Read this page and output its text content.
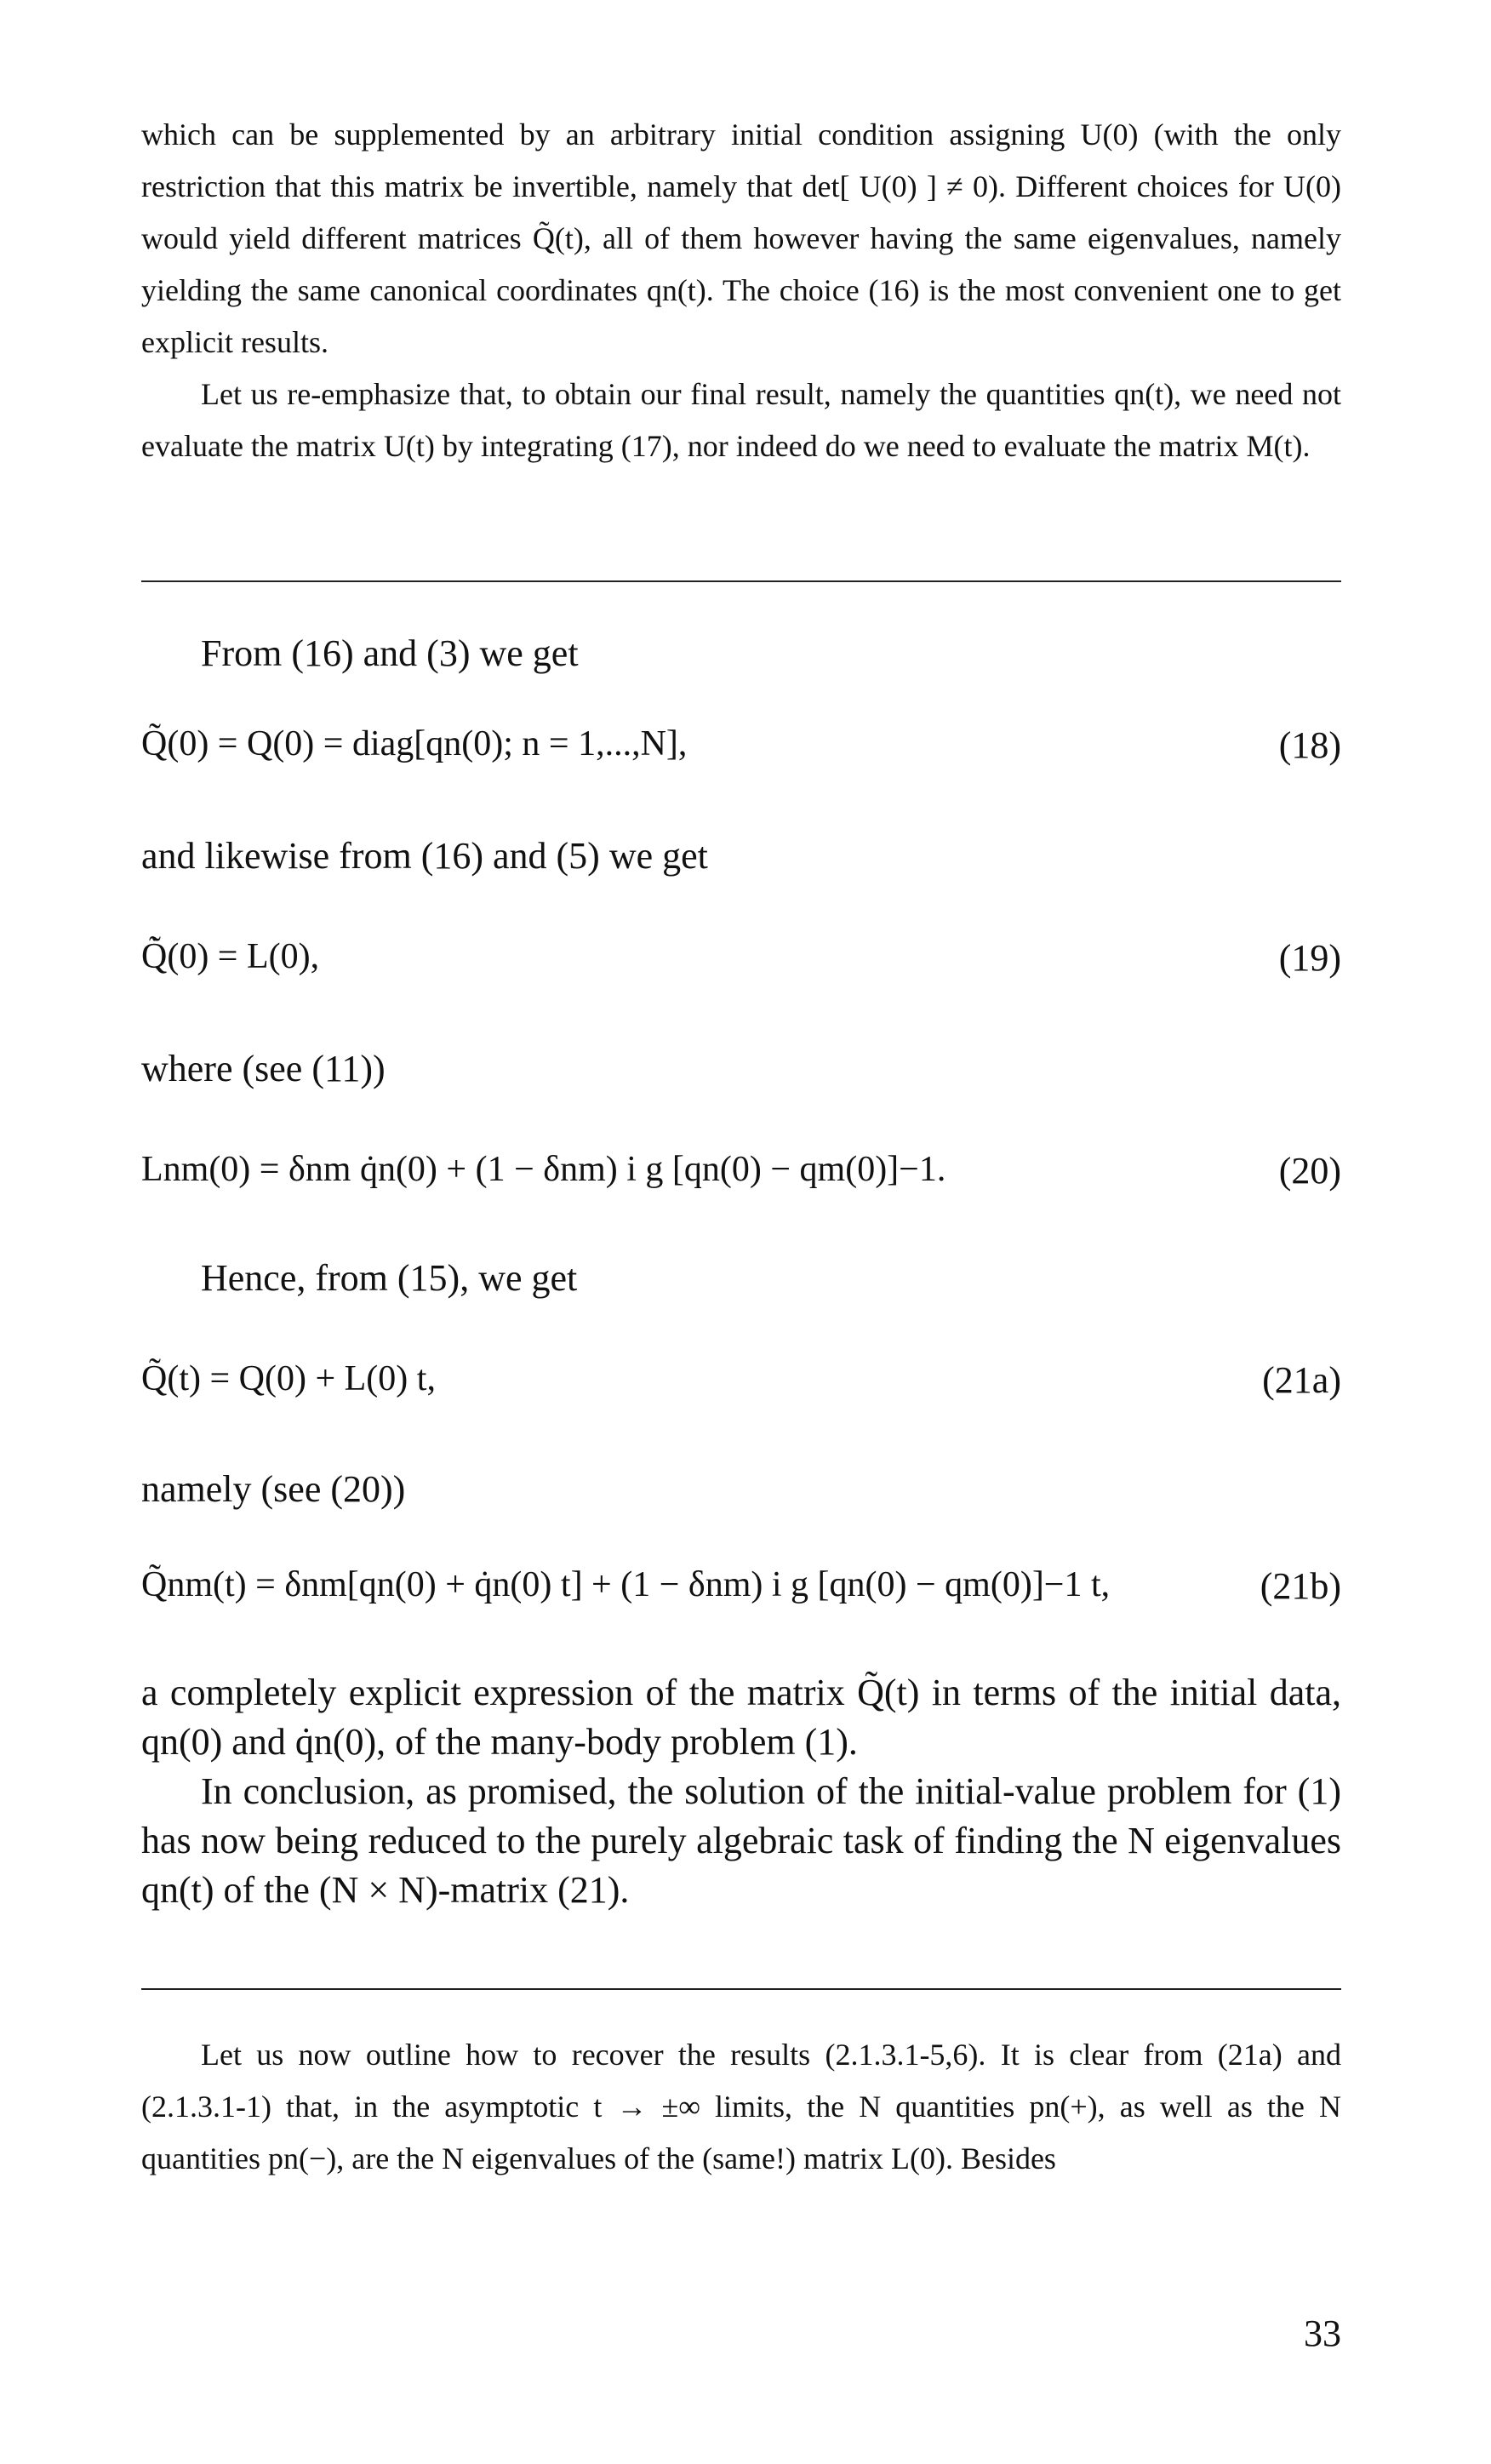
which can be supplemented by an arbitrary initial condition assigning U(0) (with the only restriction that this matrix be invertible, namely that det[ U(0) ] ≠ 0). Different choices for U(0) would yield different matrices Q̃(t), all of them however having the same eigenvalues, namely yielding the same canonical coordinates qn(t). The choice (16) is the most convenient one to get explicit results.

Let us re-emphasize that, to obtain our final result, namely the quantities qn(t), we need not evaluate the matrix U(t) by integrating (17), nor indeed do we need to evaluate the matrix M(t).

From (16) and (3) we get
Q̃(0) = Q(0) = diag[qn(0); n = 1,...,N],	(18)
and likewise from (16) and (5) we get
Q̃̇(0) = L(0),	(19)
where (see (11))
Lnm(0) = δnm q̇n(0) + (1 − δnm) i g [qn(0) − qm(0)]−1.	(20)
Hence, from (15), we get
Q̃(t) = Q(0) + L(0) t,	(21a)
namely (see (20))
Q̃nm(t) = δnm[qn(0) + q̇n(0) t] + (1 − δnm) i g [qn(0) − qm(0)]−1 t,	(21b)

a completely explicit expression of the matrix Q̃(t) in terms of the initial data, qn(0) and q̇n(0), of the many-body problem (1).

In conclusion, as promised, the solution of the initial-value problem for (1) has now being reduced to the purely algebraic task of finding the N eigenvalues qn(t) of the (N × N)-matrix (21).

Let us now outline how to recover the results (2.1.3.1-5,6). It is clear from (21a) and (2.1.3.1-1) that, in the asymptotic t → ±∞ limits, the N quantities pn(+), as well as the N quantities pn(−), are the N eigenvalues of the (same!) matrix L(0). Besides

33
